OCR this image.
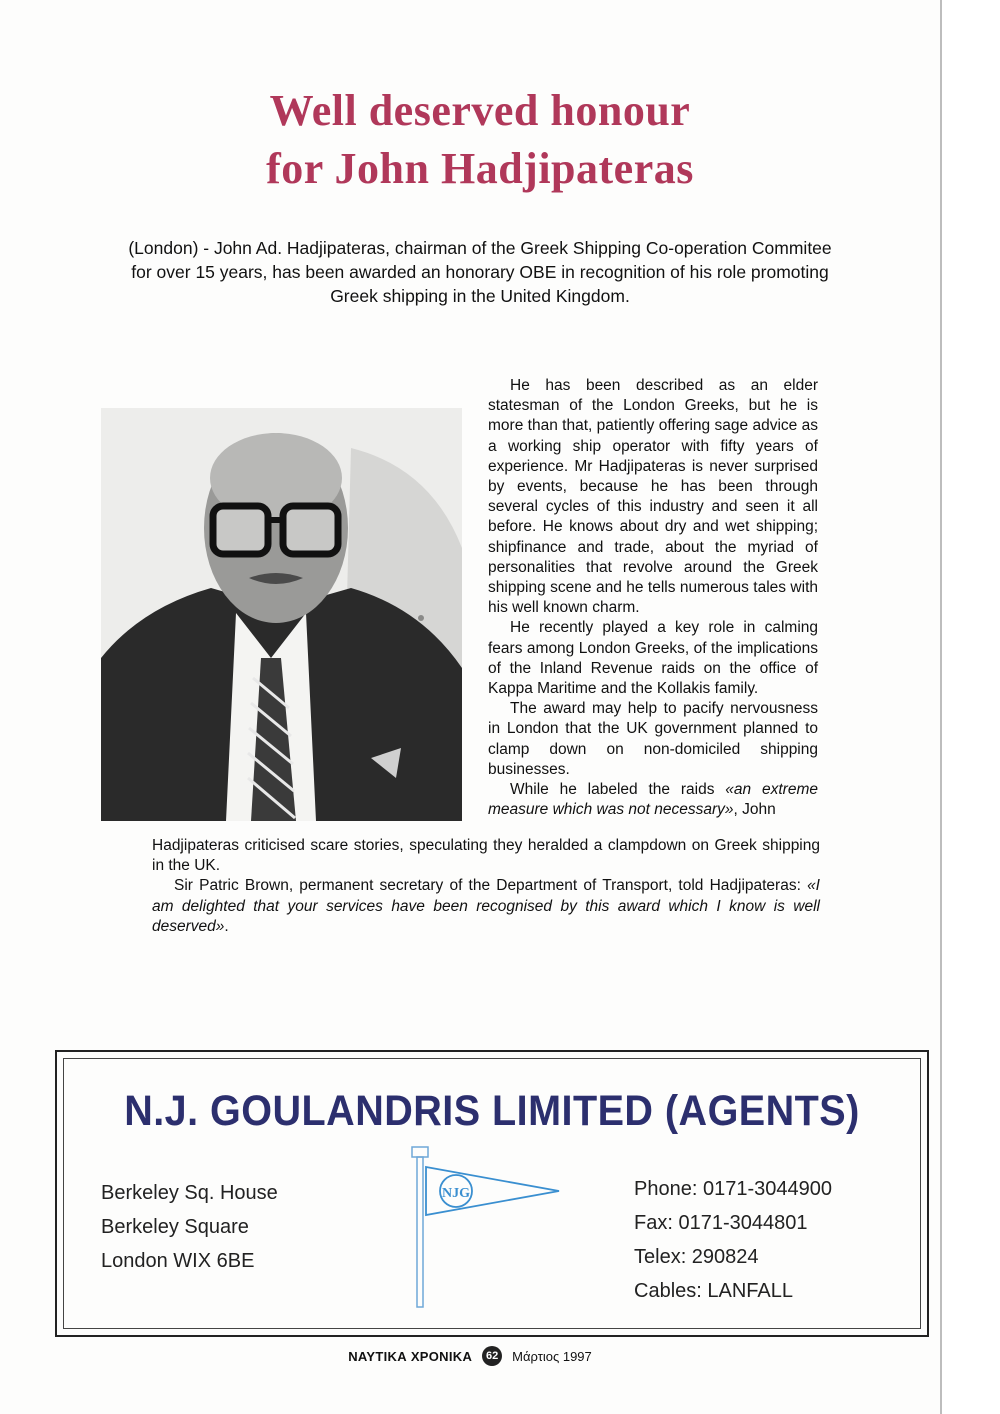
Well deserved honour
for John Hadjipateras

(London) - John Ad. Hadjipateras, chairman of the Greek Shipping Co-operation Commitee for over 15 years, has been awarded an honorary OBE in recognition of his role promoting Greek shipping in the United Kingdom.

He has been described as an elder statesman of the London Greeks, but he is more than that, patiently offering sage advice as a working ship operator with fifty years of experience. Mr Hadjipateras is never surprised by events, because he has been through several cycles of this industry and seen it all before. He knows about dry and wet shipping; shipfinance and trade, about the myriad of personalities that revolve around the Greek shipping scene and he tells numerous tales with his well known charm.

He recently played a key role in calming fears among London Greeks, of the implications of the Inland Revenue raids on the office of Kappa Maritime and the Kollakis family.

The award may help to pacify nervousness in London that the UK government planned to clamp down on non-domiciled shipping businesses.

While he labeled the raids «an extreme measure which was not necessary», John

Hadjipateras criticised scare stories, speculating they heralded a clampdown on Greek shipping in the UK.

Sir Patric Brown, permanent secretary of the Department of Transport, told Hadjipateras: «I am delighted that your services have been recognised by this award which I know is well deserved».

N.J. GOULANDRIS LIMITED (AGENTS)
Berkeley Sq. House
Berkeley Square
London WIX 6BE
NJG	Phone: 0171-3044900
Fax: 0171-3044801
Telex: 290824
Cables: LANFALL
ΝΑΥΤΙΚΑ ΧΡΟΝΙΚΑ	62 Μάρτιος 1997
